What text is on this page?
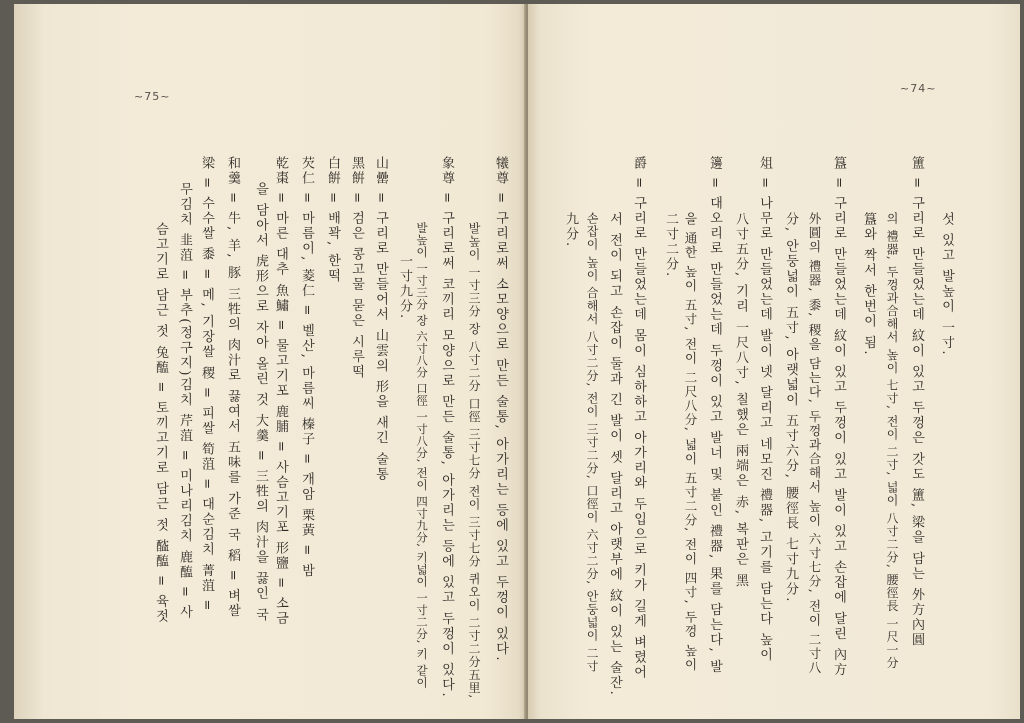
~75~
犧尊 = 구리로써 소모양으로 만든 술통, 아가리는 등에 있고 두껑이 있다.
발높이 一寸三分 장 八寸二分 口徑 三寸七分 전이 三寸七分 퀴오이 二寸二分五里,
象尊 = 구리로써 코끼리 모양으로 만든 술통, 아가리는 등에 있고 두껑이 있다.
발높이 一寸三分 장 六寸八分 口徑 一寸八分, 전이 四寸九分, 키넓이 一寸二分, 키 같이
一寸九分.
山罍 = 구리로 만들어서 山雲의 形을 새긴 술통
黑餠 = 검은 콩고물 묻은 시루떡
白餠 = 배꽉, 한떡
芡仁 = 마름이, 菱仁 = 벨산, 마름씨 榛子 = 개암 栗黃 = 밤
乾棗 = 마른 대추 魚鱐 = 물고기포 鹿脯 = 사슴고기포 形鹽 = 소금
을 담아서 虎形으로 자아 올린 것 大羹 = 三牲의 肉汁을 끓인 국
和羹 = 牛, 羊, 豚 三牲의 肉汁로 끓여서 五味를 가준 국 稻 = 벼쌀
梁 = 수수쌀 黍 = 메, 기장쌀 稷 = 피쌀 筍菹 = 대순김치 菁菹 =
무김치 韭菹 = 부추(정구지)김치 芹菹 = 미나리김치 鹿醢 = 사
슴고기로 담근 젓 兔醢 = 토끼고기로 담근 젓 醓醢 = 육젓
~74~
섯 있고 발높이 一寸.
簠 = 구리로 만들었는데 紋이 있고 두껑은 갓도 簠, 梁을 담는 外方內圓
의 禮器, 두껑과合해서 높이 七寸, 전이 二寸, 넓이 八寸二分, 腰徑長 一尺一分
簋와 짝서 한번이 됨.
簋 = 구리로 만들었는데 紋이 있고 두껑이 있고 발이 있고 손잡에 달린 內方
外圓의 禮器, 黍, 稷을 담는다, 두껑과合해서 높이 六寸七分, 전이 二寸八
分, 안둥넓이 五寸, 아랫넓이 五寸六分, 腰徑長 七寸九分.
俎 = 나무로 만들었는데 발이 넷 달리고 네모진 禮器, 고기를 담는다 높이
八寸五分, 기리 一尺八寸, 칠했은 兩端은 赤, 복판은 黑
籩 = 대오리로 만들었는데 두껑이 있고 발너 및 붙인 禮器, 果를 담는다, 발
을 通한 높이 五寸, 전이 二尺八分, 넓이 五寸二分, 전이 四寸, 두껑 높이
二寸二分.
爵 = 구리로 만들었는데 몸이 심하하고 아가리와 두입으로 키가 길게 벼렸어
서 전이 되고 손잡이 둘과 긴 발이 셋 달리고 아랫부에 紋이 있는 술잔.
손잡이 높이 合해서 八寸二分, 전이 三寸二分, 口徑이 六寸二分, 안둥넓이 二寸
九分.
